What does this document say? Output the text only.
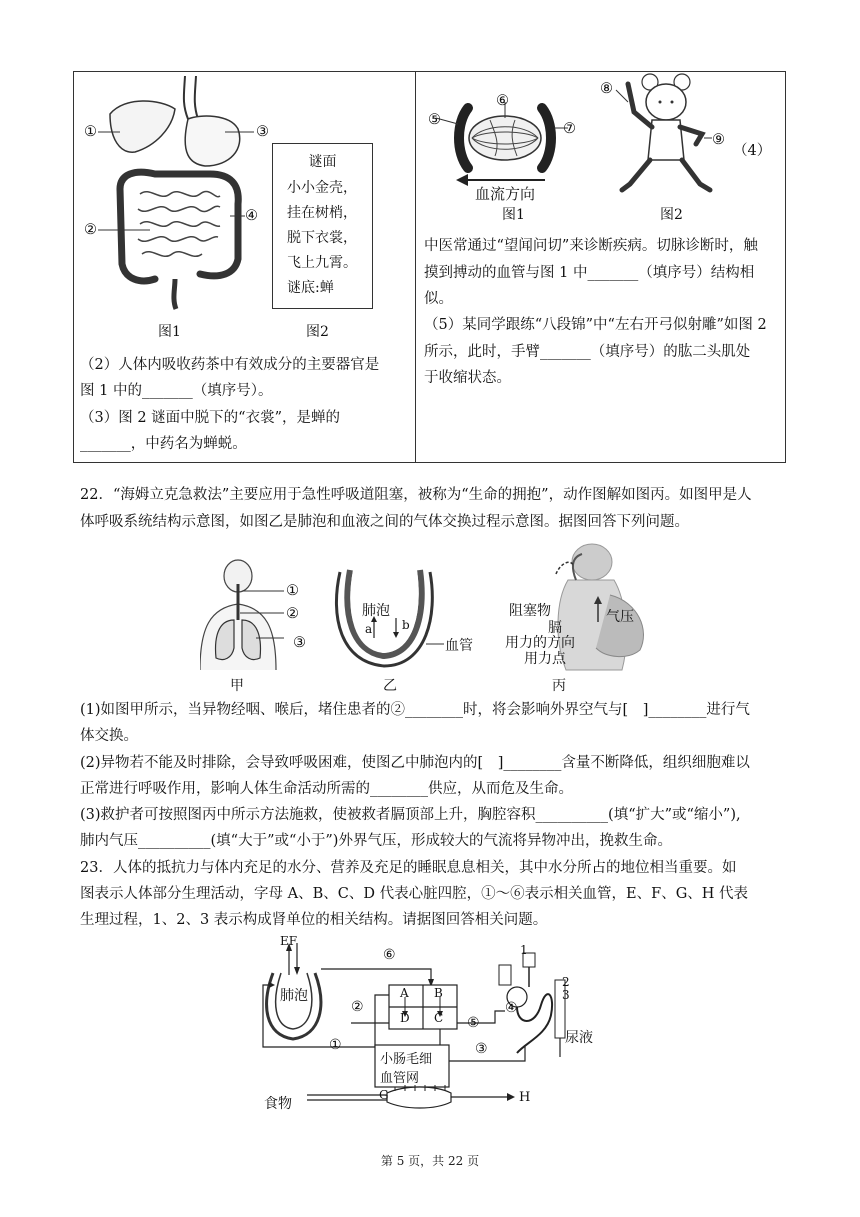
①	③
②
④
谜面
小小金壳，
挂在树梢，
脱下衣裳，
飞上九霄。
谜底:蝉
图1	图2
（2）人体内吸收药茶中有效成分的主要器官是
图 1 中的_______（填序号）。
（3）图 2 谜面中脱下的“衣裳”，是蝉的
_______，中药名为蝉蜕。
⑤
⑥
⑦
血流方向
图1
⑧
⑨
（4）
图2
中医常通过“望闻问切”来诊断疾病。切脉诊断时，触
摸到搏动的血管与图 1 中_______（填序号）结构相
似。
（5）某同学跟练“八段锦”中“左右开弓似射雕”如图 2
所示，此时，手臂_______（填序号）的肱二头肌处
于收缩状态。
22．“海姆立克急救法”主要应用于急性呼吸道阻塞，被称为“生命的拥抱”，动作图解如图丙。如图甲是人
体呼吸系统结构示意图，如图乙是肺泡和血液之间的气体交换过程示意图。据图回答下列问题。
①
②
③
甲
肺泡
a b
血管
乙
阻塞物	气压
膈
用力的方向
用力点
丙
(1)如图甲所示，当异物经咽、喉后，堵住患者的②________时，将会影响外界空气与[　]________进行气
体交换。
(2)异物若不能及时排除，会导致呼吸困难，使图乙中肺泡内的[　]________含量不断降低，组织细胞难以
正常进行呼吸作用，影响人体生命活动所需的________供应，从而危及生命。
(3)救护者可按照图丙中所示方法施救，使被救者膈顶部上升，胸腔容积__________(填“扩大”或“缩小”),
肺内气压__________(填“大于”或“小于”)外界气压，形成较大的气流将异物冲出，挽救生命。
23．人体的抵抗力与体内充足的水分、营养及充足的睡眠息息相关，其中水分所占的地位相当重要。如
图表示人体部分生理活动，字母 A、B、C、D 代表心脏四腔，①～⑥表示相关血管，E、F、G、H 代表
生理过程，1、2、3 表示构成肾单位的相关结构。请据图回答相关问题。
EF
肺泡
⑥
A B
D C
②
①
⑤
④
③
小肠毛细
血管网
1
2
3
尿液
食物
G	H
第 5 页，共 22 页
